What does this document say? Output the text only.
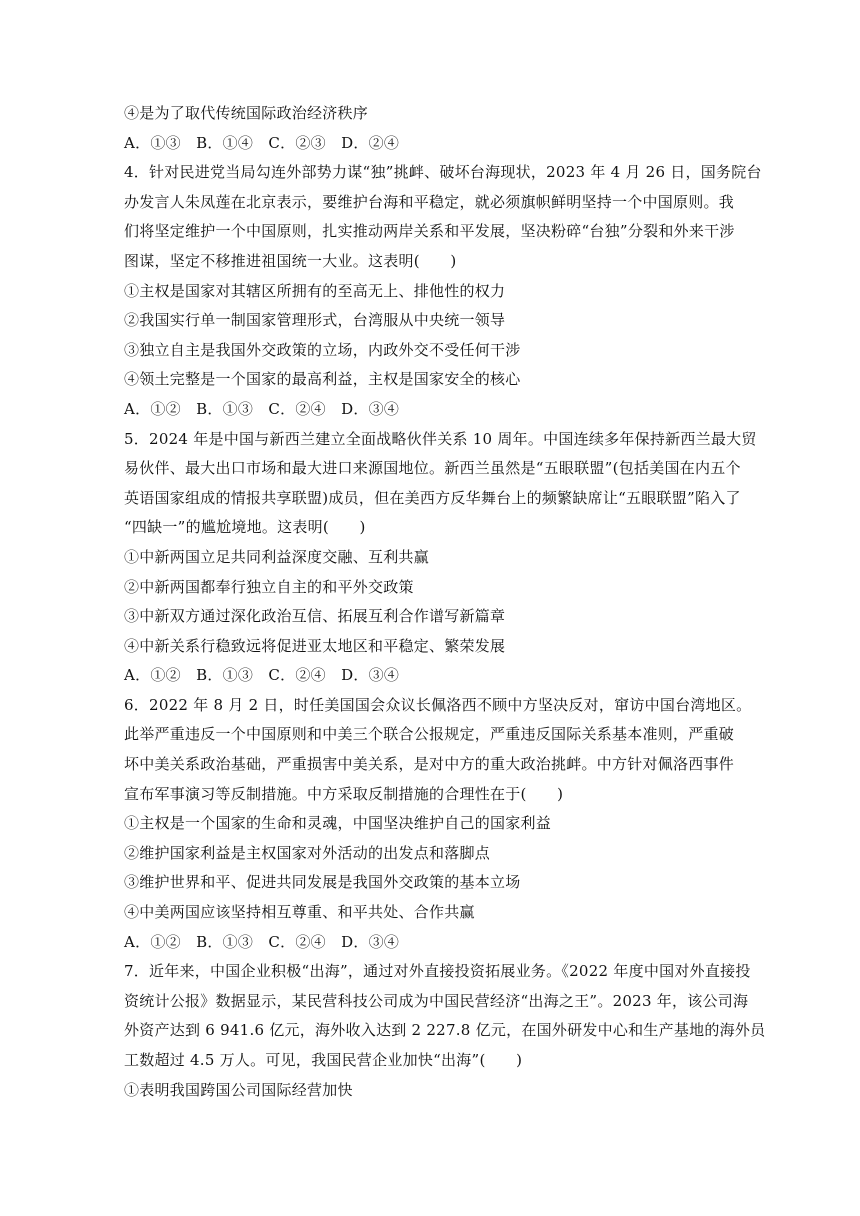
④是为了取代传统国际政治经济秩序
A．①③　B．①④　C．②③　D．②④
4．针对民进党当局勾连外部势力谋“独”挑衅、破坏台海现状，2023 年 4 月 26 日，国务院台
办发言人朱凤莲在北京表示，要维护台海和平稳定，就必须旗帜鲜明坚持一个中国原则。我
们将坚定维护一个中国原则，扎实推动两岸关系和平发展，坚决粉碎“台独”分裂和外来干涉
图谋，坚定不移推进祖国统一大业。这表明(　　)
①主权是国家对其辖区所拥有的至高无上、排他性的权力
②我国实行单一制国家管理形式，台湾服从中央统一领导
③独立自主是我国外交政策的立场，内政外交不受任何干涉
④领土完整是一个国家的最高利益，主权是国家安全的核心
A．①②　B．①③　C．②④　D．③④
5．2024 年是中国与新西兰建立全面战略伙伴关系 10 周年。中国连续多年保持新西兰最大贸
易伙伴、最大出口市场和最大进口来源国地位。新西兰虽然是“五眼联盟”(包括美国在内五个
英语国家组成的情报共享联盟)成员，但在美西方反华舞台上的频繁缺席让“五眼联盟”陷入了
“四缺一”的尴尬境地。这表明(　　)
①中新两国立足共同利益深度交融、互利共赢
②中新两国都奉行独立自主的和平外交政策
③中新双方通过深化政治互信、拓展互利合作谱写新篇章
④中新关系行稳致远将促进亚太地区和平稳定、繁荣发展
A．①②　B．①③　C．②④　D．③④
6．2022 年 8 月 2 日，时任美国国会众议长佩洛西不顾中方坚决反对，窜访中国台湾地区。
此举严重违反一个中国原则和中美三个联合公报规定，严重违反国际关系基本准则，严重破
坏中美关系政治基础，严重损害中美关系，是对中方的重大政治挑衅。中方针对佩洛西事件
宣布军事演习等反制措施。中方采取反制措施的合理性在于(　　)
①主权是一个国家的生命和灵魂，中国坚决维护自己的国家利益
②维护国家利益是主权国家对外活动的出发点和落脚点
③维护世界和平、促进共同发展是我国外交政策的基本立场
④中美两国应该坚持相互尊重、和平共处、合作共赢
A．①②　B．①③　C．②④　D．③④
7．近年来，中国企业积极“出海”，通过对外直接投资拓展业务。《2022 年度中国对外直接投
资统计公报》数据显示，某民营科技公司成为中国民营经济“出海之王”。2023 年，该公司海
外资产达到 6 941.6 亿元，海外收入达到 2 227.8 亿元，在国外研发中心和生产基地的海外员
工数超过 4.5 万人。可见，我国民营企业加快“出海”(　　)
①表明我国跨国公司国际经营加快
